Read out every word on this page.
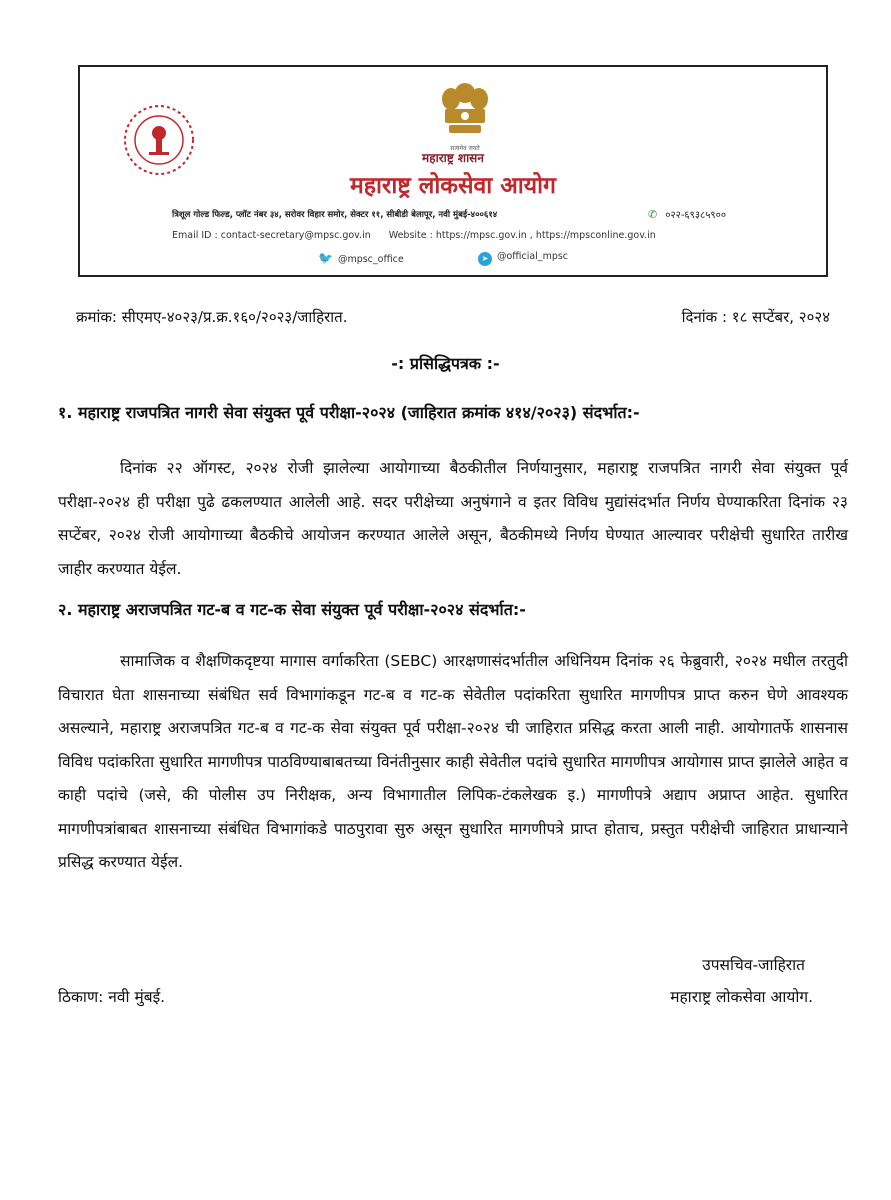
सत्यमेव जयते
महाराष्ट्र शासन
महाराष्ट्र लोकसेवा आयोग
त्रिशूल गोल्ड फिल्ड, प्लॉट नंबर ३४, सरोवर विहार समोर, सेक्टर ११, सीबीडी बेलापूर, नवी मुंबई-४००६१४	✆ ०२२-६९३८५९००
Email ID : contact-secretary@mpsc.gov.in Website : https://mpsc.gov.in , https://mpsconline.gov.in
🐦 @mpsc_office	➤ @official_mpsc
क्रमांक: सीएमए-४०२३/प्र.क्र.१६०/२०२३/जाहिरात.	दिनांक : १८ सप्टेंबर, २०२४
-: प्रसिद्धिपत्रक :-
१. महाराष्ट्र राजपत्रित नागरी सेवा संयुक्त पूर्व परीक्षा-२०२४ (जाहिरात क्रमांक ४१४/२०२३) संदर्भात:-
दिनांक २२ ऑगस्ट, २०२४ रोजी झालेल्या आयोगाच्या बैठकीतील निर्णयानुसार, महाराष्ट्र राजपत्रित नागरी सेवा संयुक्त पूर्व परीक्षा-२०२४ ही परीक्षा पुढे ढकलण्यात आलेली आहे. सदर परीक्षेच्या अनुषंगाने व इतर विविध मुद्यांसंदर्भात निर्णय घेण्याकरिता दिनांक २३ सप्टेंबर, २०२४ रोजी आयोगाच्या बैठकीचे आयोजन करण्यात आलेले असून, बैठकीमध्ये निर्णय घेण्यात आल्यावर परीक्षेची सुधारित तारीख जाहीर करण्यात येईल.
२. महाराष्ट्र अराजपत्रित गट-ब व गट-क सेवा संयुक्त पूर्व परीक्षा-२०२४ संदर्भात:-
सामाजिक व शैक्षणिकदृष्टया मागास वर्गाकरिता (SEBC) आरक्षणासंदर्भातील अधिनियम दिनांक २६ फेब्रुवारी, २०२४ मधील तरतुदी विचारात घेता शासनाच्या संबंधित सर्व विभागांकडून गट-ब व गट-क सेवेतील पदांकरिता सुधारित मागणीपत्र प्राप्त करुन घेणे आवश्यक असल्याने, महाराष्ट्र अराजपत्रित गट-ब व गट-क सेवा संयुक्त पूर्व परीक्षा-२०२४ ची जाहिरात प्रसिद्ध करता आली नाही. आयोगातर्फे शासनास विविध पदांकरिता सुधारित मागणीपत्र पाठविण्याबाबतच्या विनंतीनुसार काही सेवेतील पदांचे सुधारित मागणीपत्र आयोगास प्राप्त झालेले आहेत व काही पदांचे (जसे, की पोलीस उप निरीक्षक, अन्य विभागातील लिपिक-टंकलेखक इ.) मागणीपत्रे अद्याप अप्राप्त आहेत. सुधारित मागणीपत्रांबाबत शासनाच्या संबंधित विभागांकडे पाठपुरावा सुरु असून सुधारित मागणीपत्रे प्राप्त होताच, प्रस्तुत परीक्षेची जाहिरात प्राधान्याने प्रसिद्ध करण्यात येईल.
उपसचिव-जाहिरात
महाराष्ट्र लोकसेवा आयोग.
ठिकाण: नवी मुंबई.
